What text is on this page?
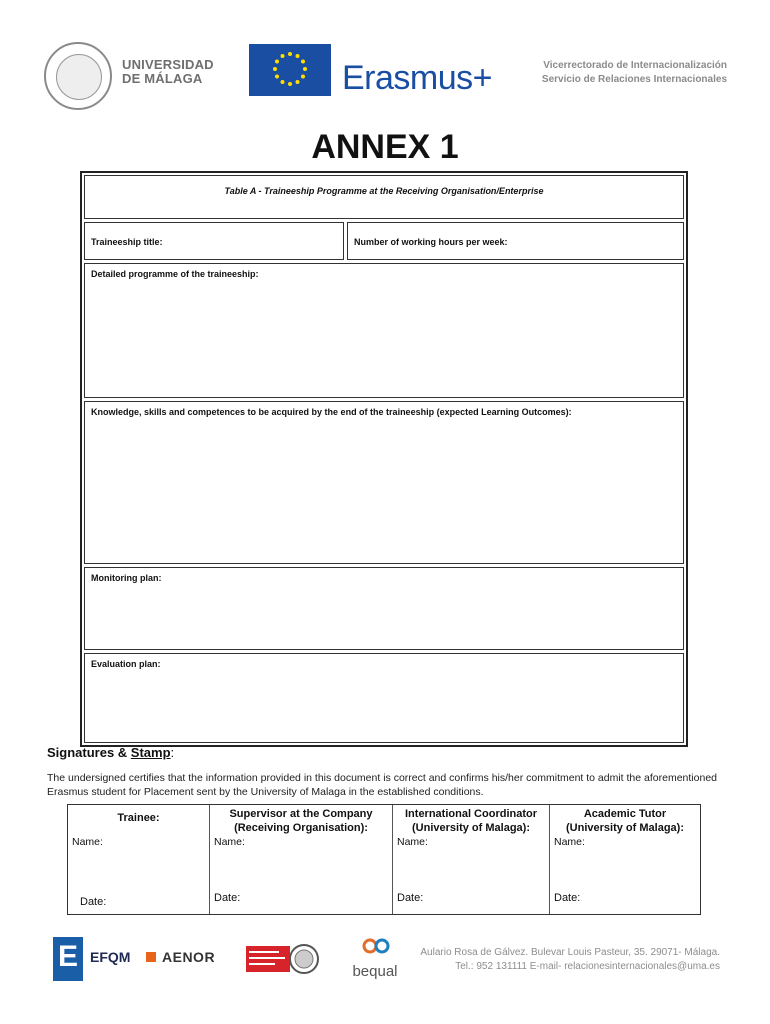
UNIVERSIDAD
DE MÁLAGA	Erasmus+	Vicerrectorado de Internacionalización
Servicio de Relaciones Internacionales
ANNEX 1
Table A - Traineeship Programme at the Receiving Organisation/Enterprise
Traineeship title:	Number of working hours per week:
Detailed programme of the traineeship:
Knowledge, skills and competences to be acquired by the end of the traineeship (expected Learning Outcomes):
Monitoring plan:
Evaluation plan:
Signatures & Stamp:
The undersigned certifies that the information provided in this document is correct and confirms his/her commitment to admit the aforementioned Erasmus student for Placement sent by the University of Malaga in the established conditions.
Trainee:
Name:
Date:
Supervisor at the Company (Receiving Organisation):
Name:
Date:
International Coordinator (University of Malaga):
Name:
Date:
Academic Tutor (University of Malaga):
Name:
Date:
E EFQM AENOR
bequal
Aulario Rosa de Gálvez. Bulevar Louis Pasteur, 35. 29071- Málaga.
Tel.: 952 131111 E-mail- relacionesinternacionales@uma.es
